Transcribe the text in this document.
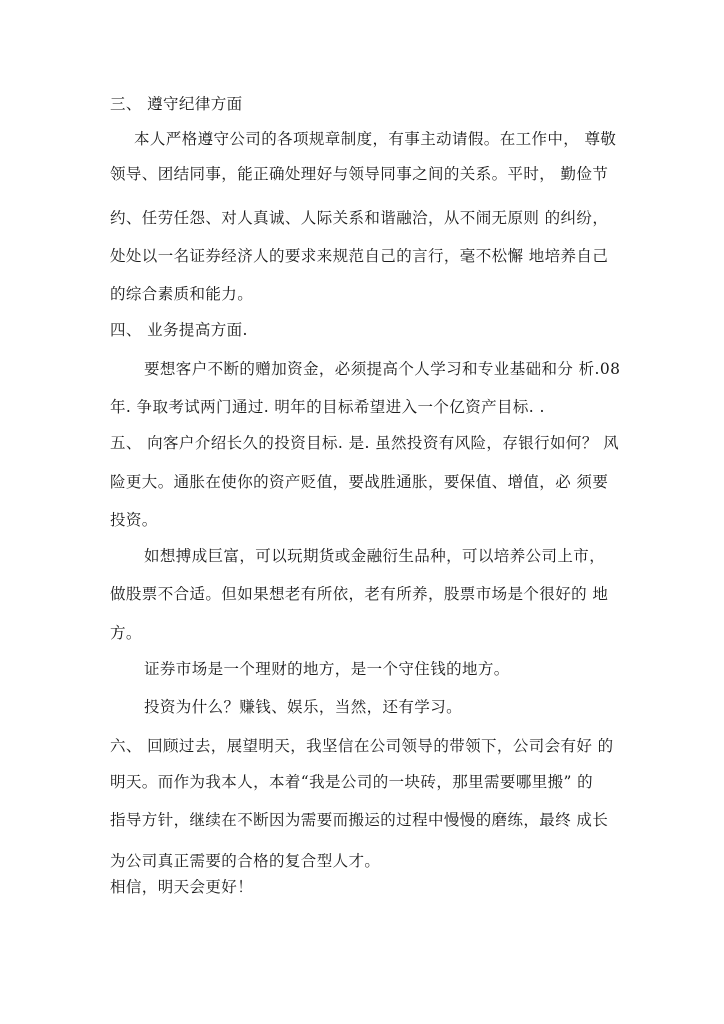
三、 遵守纪律方面
本人严格遵守公司的各项规章制度，有事主动请假。在工作中， 尊敬
领导、团结同事，能正确处理好与领导同事之间的关系。平时， 勤俭节
约、任劳任怨、对人真诚、人际关系和谐融洽，从不闹无原则 的纠纷，
处处以一名证券经济人的要求来规范自己的言行，毫不松懈 地培养自己
的综合素质和能力。
四、 业务提高方面.
要想客户不断的赠加资金，必须提高个人学习和专业基础和分 析.08
年. 争取考试两门通过. 明年的目标希望进入一个亿资产目标. .
五、 向客户介绍长久的投资目标. 是. 虽然投资有风险，存银行如何？ 风
险更大。通胀在使你的资产贬值，要战胜通胀，要保值、增值，必 须要
投资。
如想搏成巨富，可以玩期货或金融衍生品种，可以培养公司上市，
做股票不合适。但如果想老有所依，老有所养，股票市场是个很好的 地
方。
证券市场是一个理财的地方，是一个守住钱的地方。
投资为什么？赚钱、娱乐，当然，还有学习。
六、 回顾过去，展望明天，我坚信在公司领导的带领下，公司会有好 的
明天。而作为我本人，本着“我是公司的一块砖，那里需要哪里搬” 的
指导方针，继续在不断因为需要而搬运的过程中慢慢的磨练，最终 成长
为公司真正需要的合格的复合型人才。
相信，明天会更好！
